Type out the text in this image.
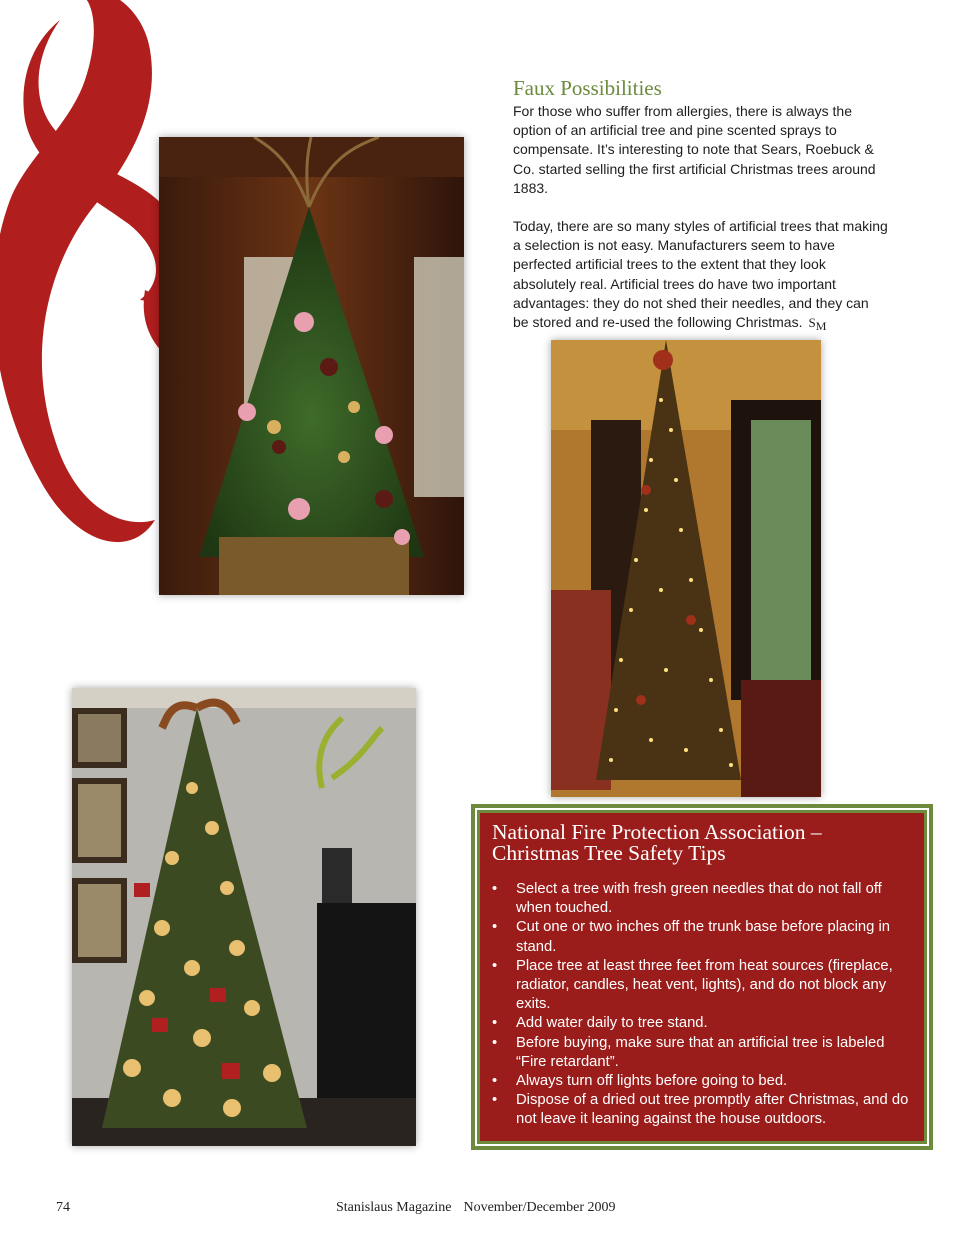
Faux Possibilities

For those who suffer from allergies, there is always the option of an artificial tree and pine scented sprays to compensate. It’s interesting to note that Sears, Roebuck & Co. started selling the first artificial Christmas trees around 1883.

Today, there are so many styles of artificial trees that making a selection is not easy. Manufacturers seem to have perfected artificial trees to the extent that they look absolutely real. Artificial trees do have two important advantages: they do not shed their needles, and they can be stored and re-used the following Christmas. $S_M$

National Fire Protection Association –
Christmas Tree Safety Tips
• Select a tree with fresh green needles that do not fall off when touched.
• Cut one or two inches off the trunk base before placing in stand.
• Place tree at least three feet from heat sources (fireplace, radiator, candles, heat vent, lights), and do not block any exits.
• Add water daily to tree stand.
• Before buying, make sure that an artificial tree is labeled “Fire retardant”.
• Always turn off lights before going to bed.
• Dispose of a dried out tree promptly after Christmas, and do not leave it leaning against the house outdoors.
74	Stanislaus Magazine November/December 2009
